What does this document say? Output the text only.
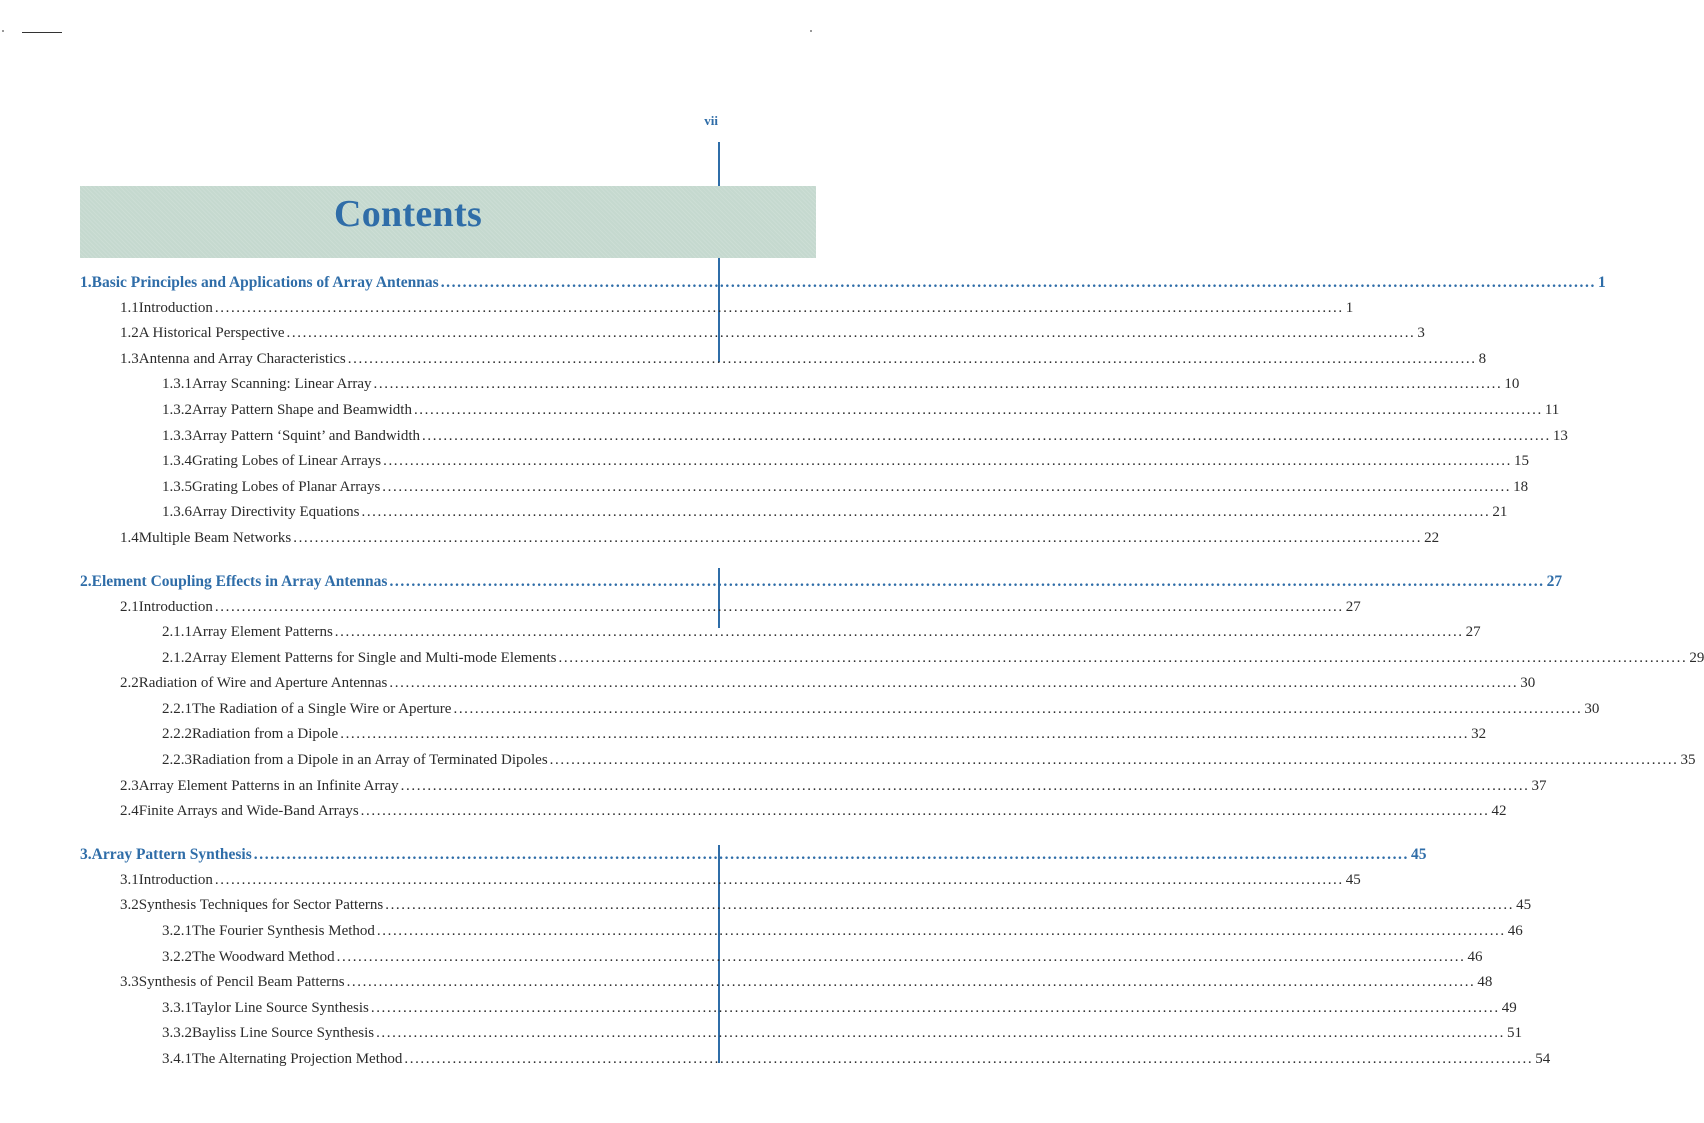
vii
Contents
1. Basic Principles and Applications of Array Antennas .....	1
1.1 Introduction .....	1
1.2 A Historical Perspective .....	3
1.3 Antenna and Array Characteristics .....	8
1.3.1 Array Scanning: Linear Array .....	10
1.3.2 Array Pattern Shape and Beamwidth .....	11
1.3.3 Array Pattern ‘Squint’ and Bandwidth .....	13
1.3.4 Grating Lobes of Linear Arrays .....	15
1.3.5 Grating Lobes of Planar Arrays .....	18
1.3.6 Array Directivity Equations .....	21
1.4 Multiple Beam Networks .....	22
2. Element Coupling Effects in Array Antennas .....	27
2.1 Introduction .....	27
2.1.1 Array Element Patterns .....	27
2.1.2 Array Element Patterns for Single and Multi-mode Elements .....	29
2.2 Radiation of Wire and Aperture Antennas .....	30
2.2.1 The Radiation of a Single Wire or Aperture .....	30
2.2.2 Radiation from a Dipole .....	32
2.2.3 Radiation from a Dipole in an Array of Terminated Dipoles .....	35
2.3 Array Element Patterns in an Infinite Array .....	37
2.4 Finite Arrays and Wide-Band Arrays .....	42
3. Array Pattern Synthesis .....	45
3.1 Introduction .....	45
3.2 Synthesis Techniques for Sector Patterns .....	45
3.2.1 The Fourier Synthesis Method .....	46
3.2.2 The Woodward Method .....	46
3.3 Synthesis of Pencil Beam Patterns .....	48
3.3.1 Taylor Line Source Synthesis .....	49
3.3.2 Bayliss Line Source Synthesis .....	51
3.4.1 The Alternating Projection Method .....	54
